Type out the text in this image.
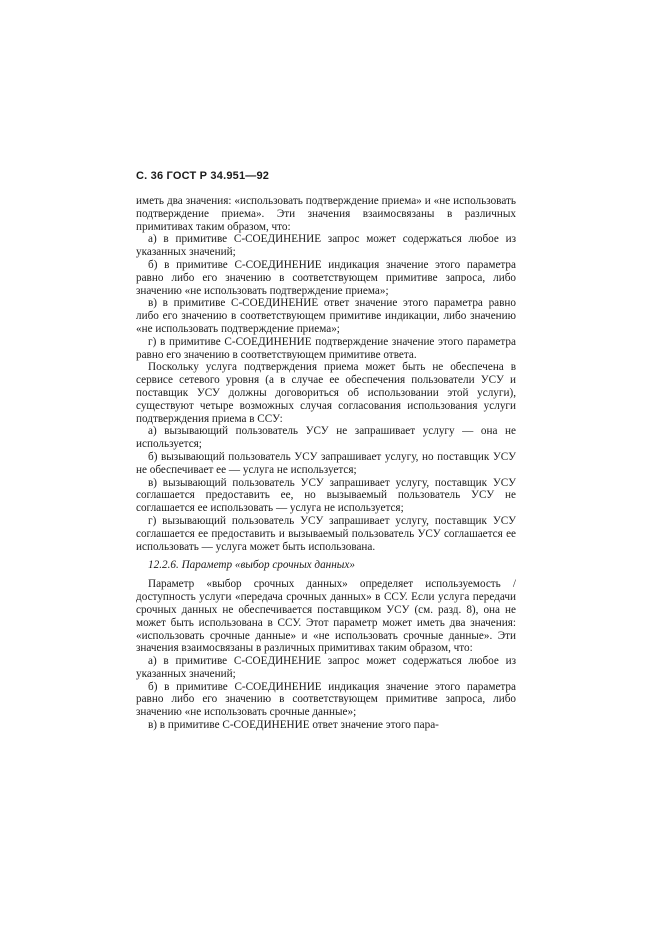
С. 36 ГОСТ Р 34.951—92

иметь два значения: «использовать подтверждение приема» и «не использовать подтверждение приема». Эти значения взаимосвязаны в различных примитивах таким образом, что:

а) в примитиве С-СОЕДИНЕНИЕ запрос может содержаться любое из указанных значений;

б) в примитиве С-СОЕДИНЕНИЕ индикация значение этого параметра равно либо его значению в соответствующем примитиве запроса, либо значению «не использовать подтверждение приема»;

в) в примитиве С-СОЕДИНЕНИЕ ответ значение этого параметра равно либо его значению в соответствующем примитиве индикации, либо значению «не использовать подтверждение приема»;

г) в примитиве С-СОЕДИНЕНИЕ подтверждение значение этого параметра равно его значению в соответствующем примитиве ответа.

Поскольку услуга подтверждения приема может быть не обеспечена в сервисе сетевого уровня (а в случае ее обеспечения пользователи УСУ и поставщик УСУ должны договориться об использовании этой услуги), существуют четыре возможных случая согласования использования услуги подтверждения приема в ССУ:

а) вызывающий пользователь УСУ не запрашивает услугу — она не используется;

б) вызывающий пользователь УСУ запрашивает услугу, но поставщик УСУ не обеспечивает ее — услуга не используется;

в) вызывающий пользователь УСУ запрашивает услугу, поставщик УСУ соглашается предоставить ее, но вызываемый пользователь УСУ не соглашается ее использовать — услуга не используется;

г) вызывающий пользователь УСУ запрашивает услугу, поставщик УСУ соглашается ее предоставить и вызываемый пользователь УСУ соглашается ее использовать — услуга может быть использована.

12.2.6. Параметр «выбор срочных данных»

Параметр «выбор срочных данных» определяет используемость /доступность услуги «передача срочных данных» в ССУ. Если услуга передачи срочных данных не обеспечивается поставщиком УСУ (см. разд. 8), она не может быть использована в ССУ. Этот параметр может иметь два значения: «использовать срочные данные» и «не использовать срочные данные». Эти значения взаимосвязаны в различных примитивах таким образом, что:

а) в примитиве С-СОЕДИНЕНИЕ запрос может содержаться любое из указанных значений;

б) в примитиве С-СОЕДИНЕНИЕ индикация значение этого параметра равно либо его значению в соответствующем примитиве запроса, либо значению «не использовать срочные данные»;

в) в примитиве С-СОЕДИНЕНИЕ ответ значение этого пара-
